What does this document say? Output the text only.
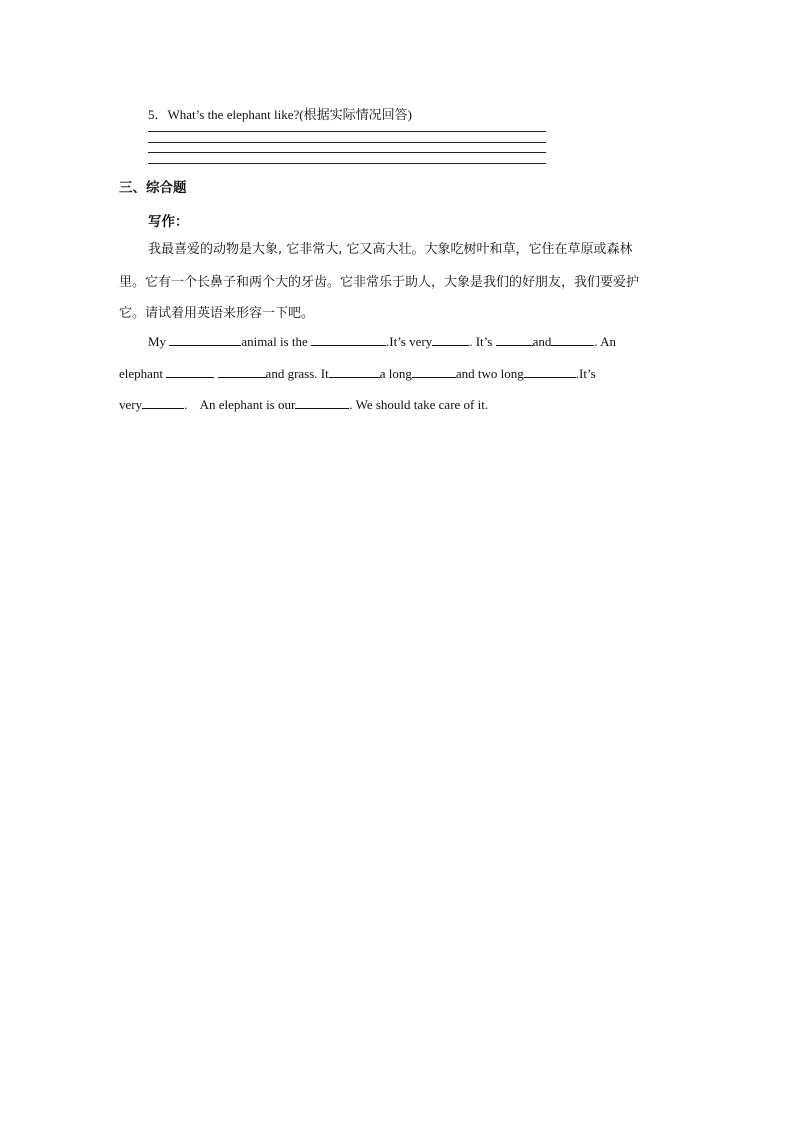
5．What’s the elephant like?(根据实际情况回答)
三、综合题
写作：
我最喜爱的动物是大象, 它非常大, 它又高大壮。大象吃树叶和草，它住在草原或森林
里。它有一个长鼻子和两个大的牙齿。它非常乐于助人，大象是我们的好朋友，我们要爱护
它。请试着用英语来形容一下吧。
My	animal is the	.It’s very	. It’s	and	. An
elephant	and grass. It	a long	and two long	.It’s
very	.    An elephant is our	. We should take care of it.
